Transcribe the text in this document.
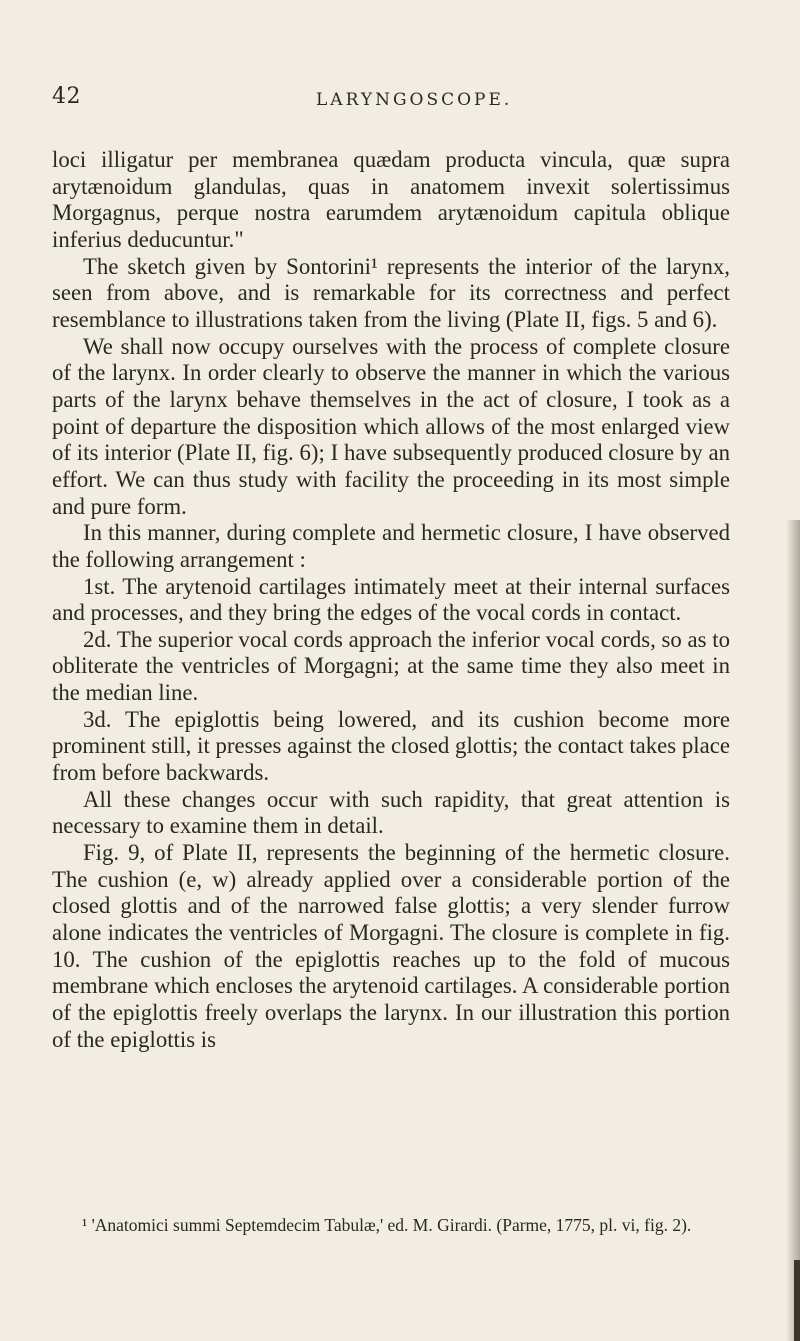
42	LARYNGOSCOPE.

loci illigatur per membranea quædam producta vincula, quæ supra arytænoidum glandulas, quas in anatomem invexit solertissimus Morgagnus, perque nostra earumdem arytænoidum capitula oblique inferius deducuntur."

The sketch given by Sontorini¹ represents the interior of the larynx, seen from above, and is remarkable for its correctness and perfect resemblance to illustrations taken from the living (Plate II, figs. 5 and 6).

We shall now occupy ourselves with the process of complete closure of the larynx. In order clearly to observe the manner in which the various parts of the larynx behave themselves in the act of closure, I took as a point of departure the disposition which allows of the most enlarged view of its interior (Plate II, fig. 6); I have subsequently produced closure by an effort. We can thus study with facility the proceeding in its most simple and pure form.

In this manner, during complete and hermetic closure, I have observed the following arrangement :

1st. The arytenoid cartilages intimately meet at their internal surfaces and processes, and they bring the edges of the vocal cords in contact.

2d. The superior vocal cords approach the inferior vocal cords, so as to obliterate the ventricles of Morgagni; at the same time they also meet in the median line.

3d. The epiglottis being lowered, and its cushion become more prominent still, it presses against the closed glottis; the contact takes place from before backwards.

All these changes occur with such rapidity, that great attention is necessary to examine them in detail.

Fig. 9, of Plate II, represents the beginning of the hermetic closure. The cushion (e, w) already applied over a considerable portion of the closed glottis and of the narrowed false glottis; a very slender furrow alone indicates the ventricles of Morgagni. The closure is complete in fig. 10. The cushion of the epiglottis reaches up to the fold of mucous membrane which encloses the arytenoid cartilages. A considerable portion of the epiglottis freely overlaps the larynx. In our illustration this portion of the epiglottis is

¹ 'Anatomici summi Septemdecim Tabulæ,' ed. M. Girardi. (Parme, 1775, pl. vi, fig. 2).
